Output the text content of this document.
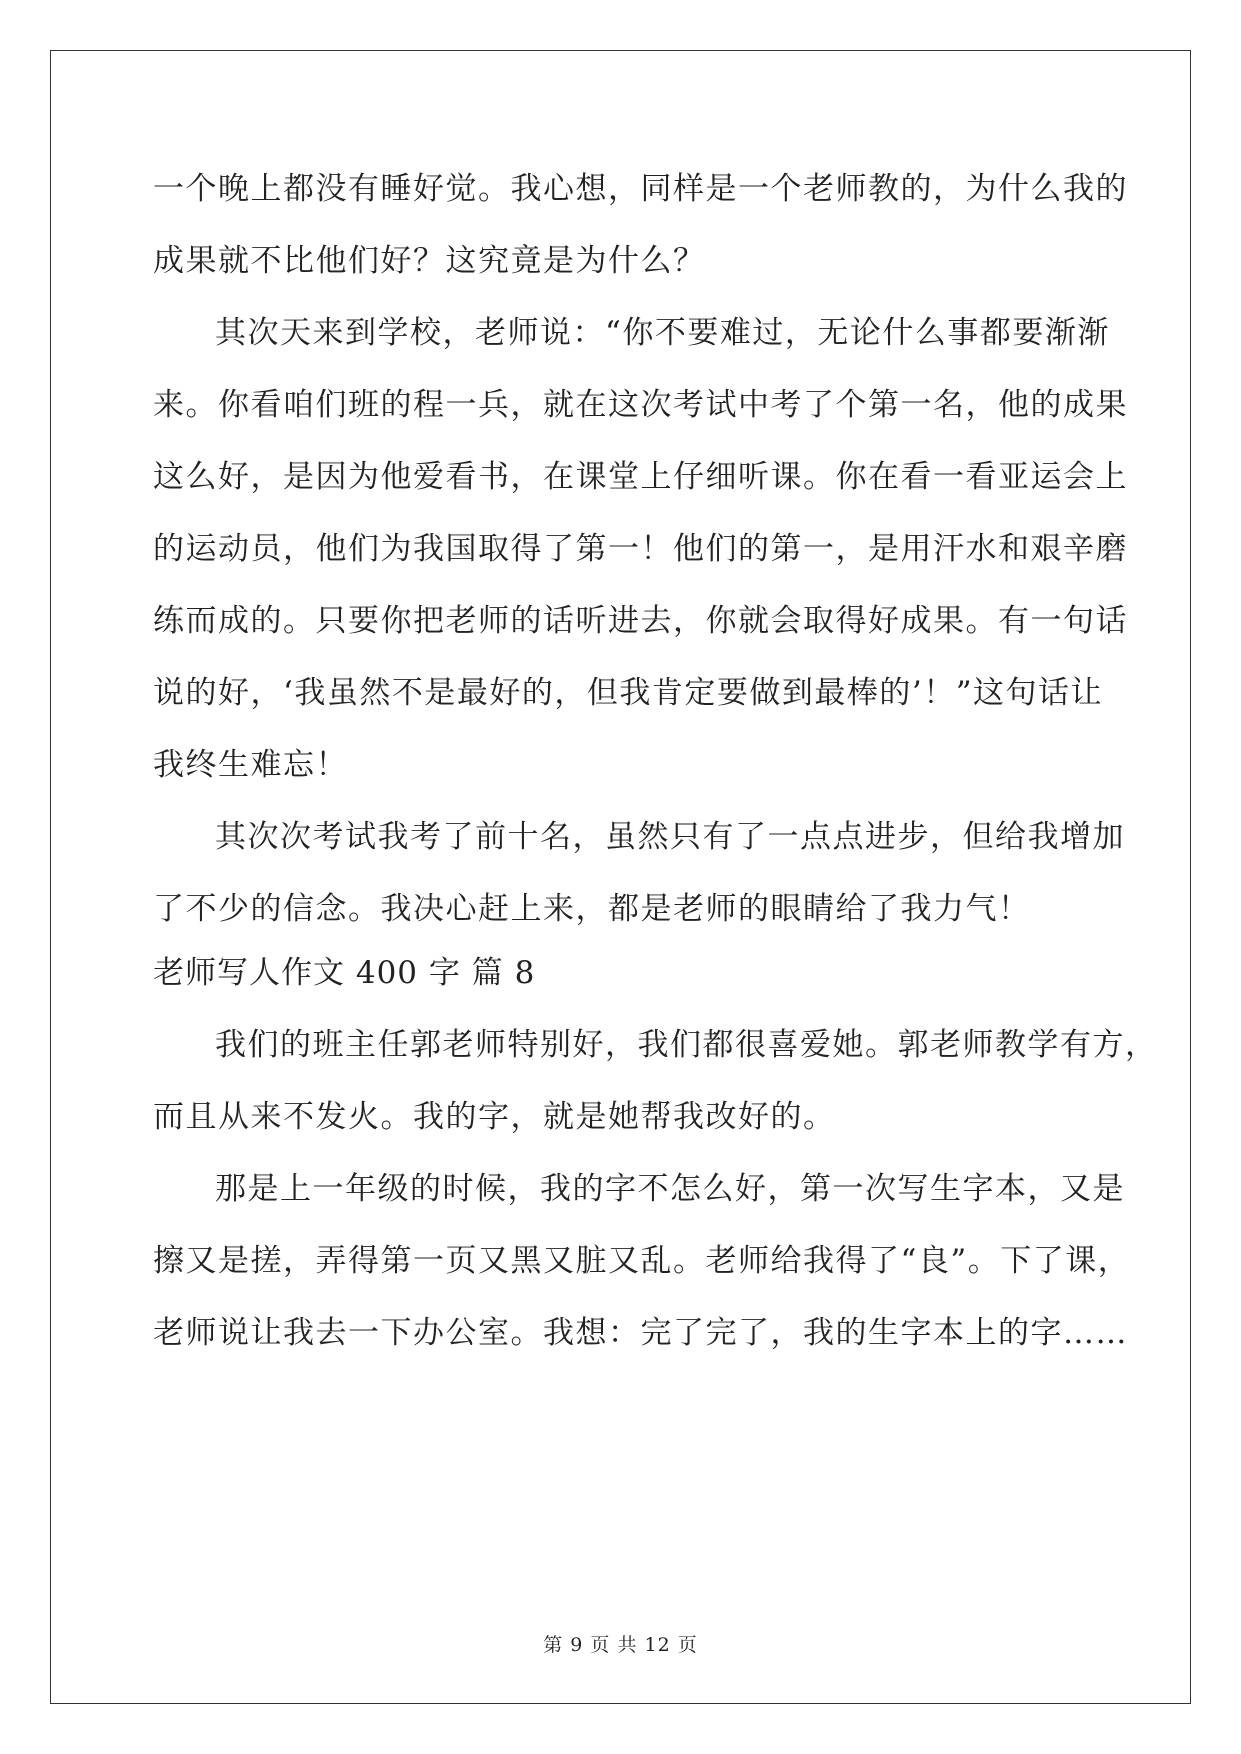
一个晚上都没有睡好觉。我心想，同样是一个老师教的，为什么我的
成果就不比他们好？这究竟是为什么？
其次天来到学校，老师说：“你不要难过，无论什么事都要渐渐
来。你看咱们班的程一兵，就在这次考试中考了个第一名，他的成果
这么好，是因为他爱看书，在课堂上仔细听课。你在看一看亚运会上
的运动员，他们为我国取得了第一！他们的第一，是用汗水和艰辛磨
练而成的。只要你把老师的话听进去，你就会取得好成果。有一句话
说的好，‘我虽然不是最好的，但我肯定要做到最棒的’！”这句话让
我终生难忘！
其次次考试我考了前十名，虽然只有了一点点进步，但给我增加
了不少的信念。我决心赶上来，都是老师的眼睛给了我力气！
老师写人作文 400 字 篇 8
我们的班主任郭老师特别好，我们都很喜爱她。郭老师教学有方，
而且从来不发火。我的字，就是她帮我改好的。
那是上一年级的时候，我的字不怎么好，第一次写生字本，又是
擦又是搓，弄得第一页又黑又脏又乱。老师给我得了“良”。下了课，
老师说让我去一下办公室。我想：完了完了，我的生字本上的字……
第 9 页 共 12 页
